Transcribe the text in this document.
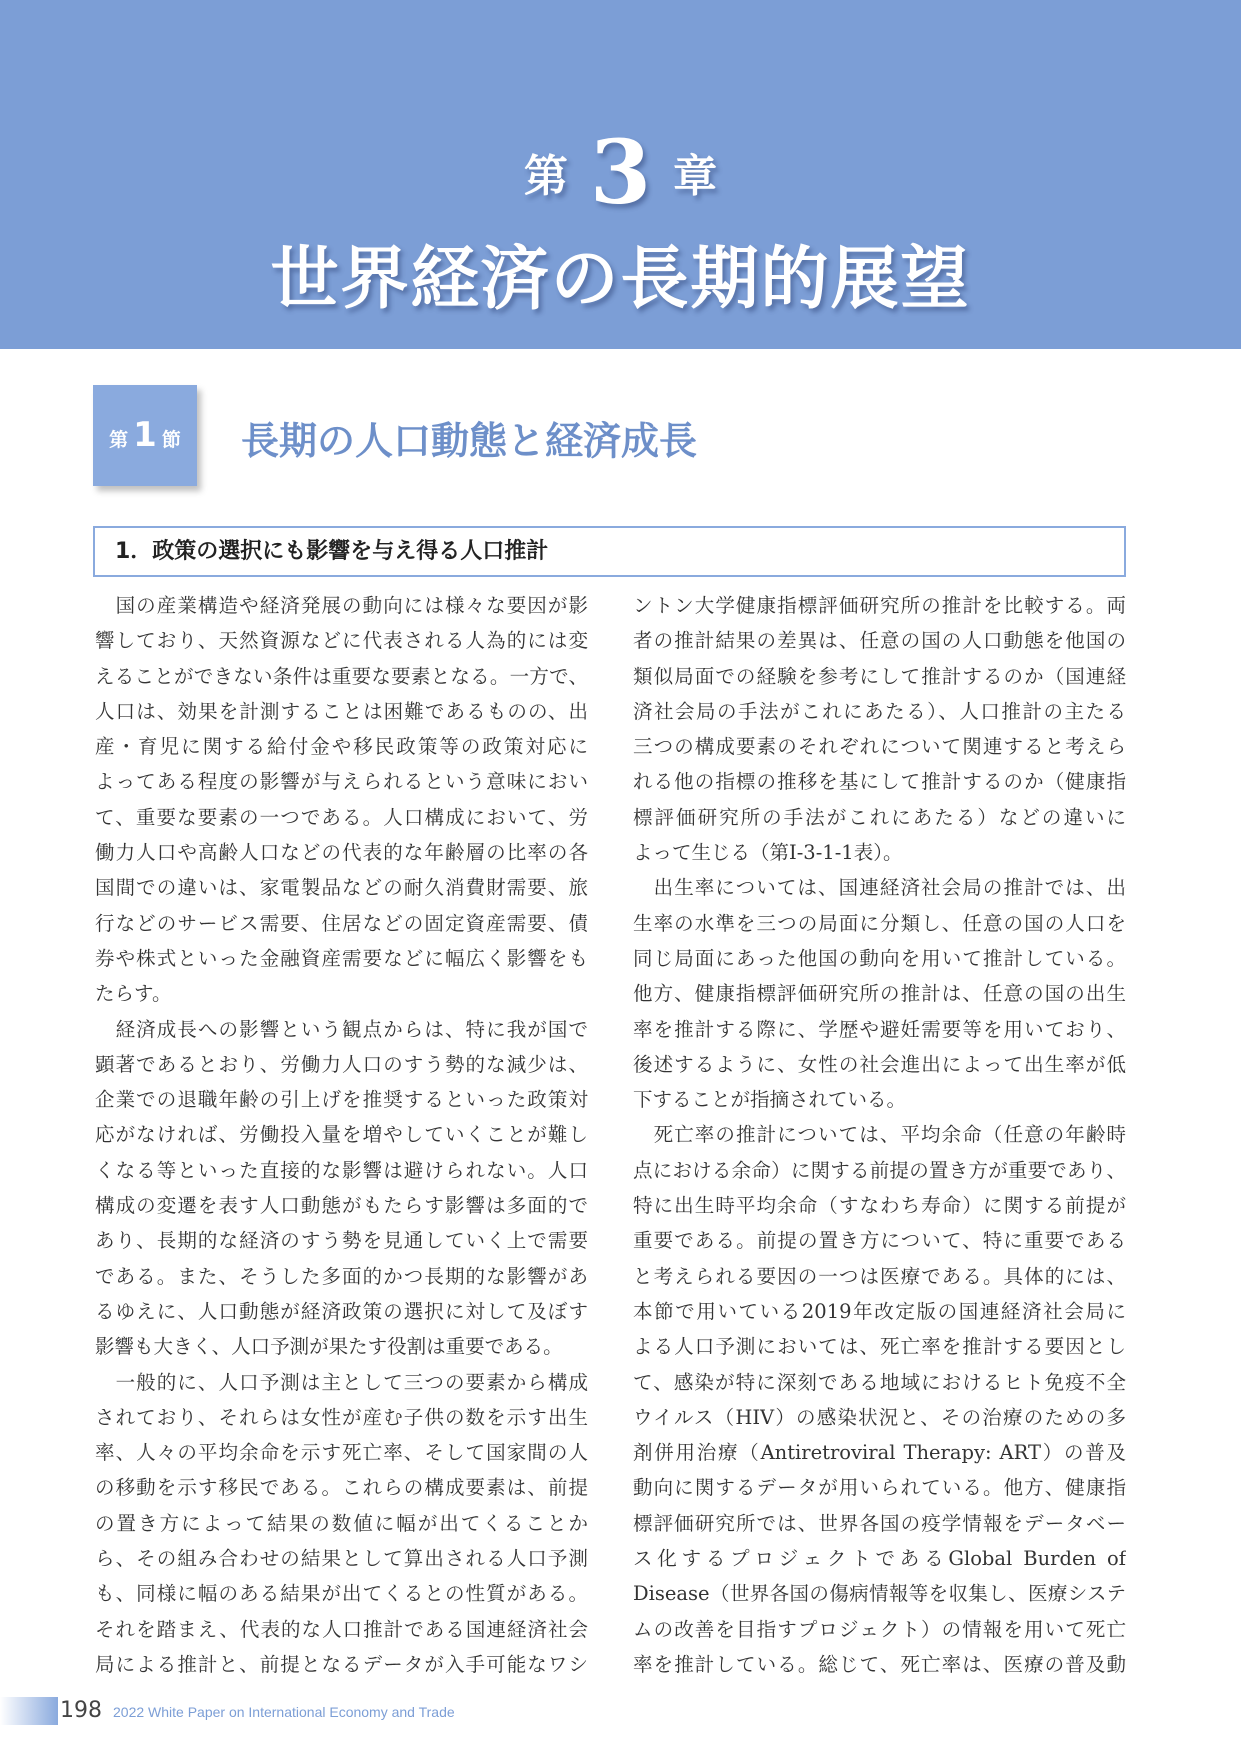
第 3 章
世界経済の長期的展望
第 1 節	長期の人口動態と経済成長
1．政策の選択にも影響を与え得る人口推計
　国の産業構造や経済発展の動向には様々な要因が影
響しており、天然資源などに代表される人為的には変
えることができない条件は重要な要素となる。一方で、
人口は、効果を計測することは困難であるものの、出
産・育児に関する給付金や移民政策等の政策対応に
よってある程度の影響が与えられるという意味におい
て、重要な要素の一つである。人口構成において、労
働力人口や高齢人口などの代表的な年齢層の比率の各
国間での違いは、家電製品などの耐久消費財需要、旅
行などのサービス需要、住居などの固定資産需要、債
券や株式といった金融資産需要などに幅広く影響をも
たらす。
　経済成長への影響という観点からは、特に我が国で
顕著であるとおり、労働力人口のすう勢的な減少は、
企業での退職年齢の引上げを推奨するといった政策対
応がなければ、労働投入量を増やしていくことが難し
くなる等といった直接的な影響は避けられない。人口
構成の変遷を表す人口動態がもたらす影響は多面的で
あり、長期的な経済のすう勢を見通していく上で需要
である。また、そうした多面的かつ長期的な影響があ
るゆえに、人口動態が経済政策の選択に対して及ぼす
影響も大きく、人口予測が果たす役割は重要である。
　一般的に、人口予測は主として三つの要素から構成
されており、それらは女性が産む子供の数を示す出生
率、人々の平均余命を示す死亡率、そして国家間の人
の移動を示す移民である。これらの構成要素は、前提
の置き方によって結果の数値に幅が出てくることか
ら、その組み合わせの結果として算出される人口予測
も、同様に幅のある結果が出てくるとの性質がある。
それを踏まえ、代表的な人口推計である国連経済社会
局による推計と、前提となるデータが入手可能なワシ
ントン大学健康指標評価研究所の推計を比較する。両
者の推計結果の差異は、任意の国の人口動態を他国の
類似局面での経験を参考にして推計するのか（国連経
済社会局の手法がこれにあたる）、人口推計の主たる
三つの構成要素のそれぞれについて関連すると考えら
れる他の指標の推移を基にして推計するのか（健康指
標評価研究所の手法がこれにあたる）などの違いに
よって生じる（第Ⅰ-3-1-1表）。
　出生率については、国連経済社会局の推計では、出
生率の水準を三つの局面に分類し、任意の国の人口を
同じ局面にあった他国の動向を用いて推計している。
他方、健康指標評価研究所の推計は、任意の国の出生
率を推計する際に、学歴や避妊需要等を用いており、
後述するように、女性の社会進出によって出生率が低
下することが指摘されている。
　死亡率の推計については、平均余命（任意の年齢時
点における余命）に関する前提の置き方が重要であり、
特に出生時平均余命（すなわち寿命）に関する前提が
重要である。前提の置き方について、特に重要である
と考えられる要因の一つは医療である。具体的には、
本節で用いている2019年改定版の国連経済社会局に
よる人口予測においては、死亡率を推計する要因とし
て、感染が特に深刻である地域におけるヒト免疫不全
ウイルス（HIV）の感染状況と、その治療のための多
剤併用治療（Antiretroviral Therapy: ART）の普及
動向に関するデータが用いられている。他方、健康指
標評価研究所では、世界各国の疫学情報をデータベー
ス化するプロジェクトであるGlobal Burden of
Disease（世界各国の傷病情報等を収集し、医療システ
ムの改善を目指すプロジェクト）の情報を用いて死亡
率を推計している。総じて、死亡率は、医療の普及動
198 2022 White Paper on International Economy and Trade
